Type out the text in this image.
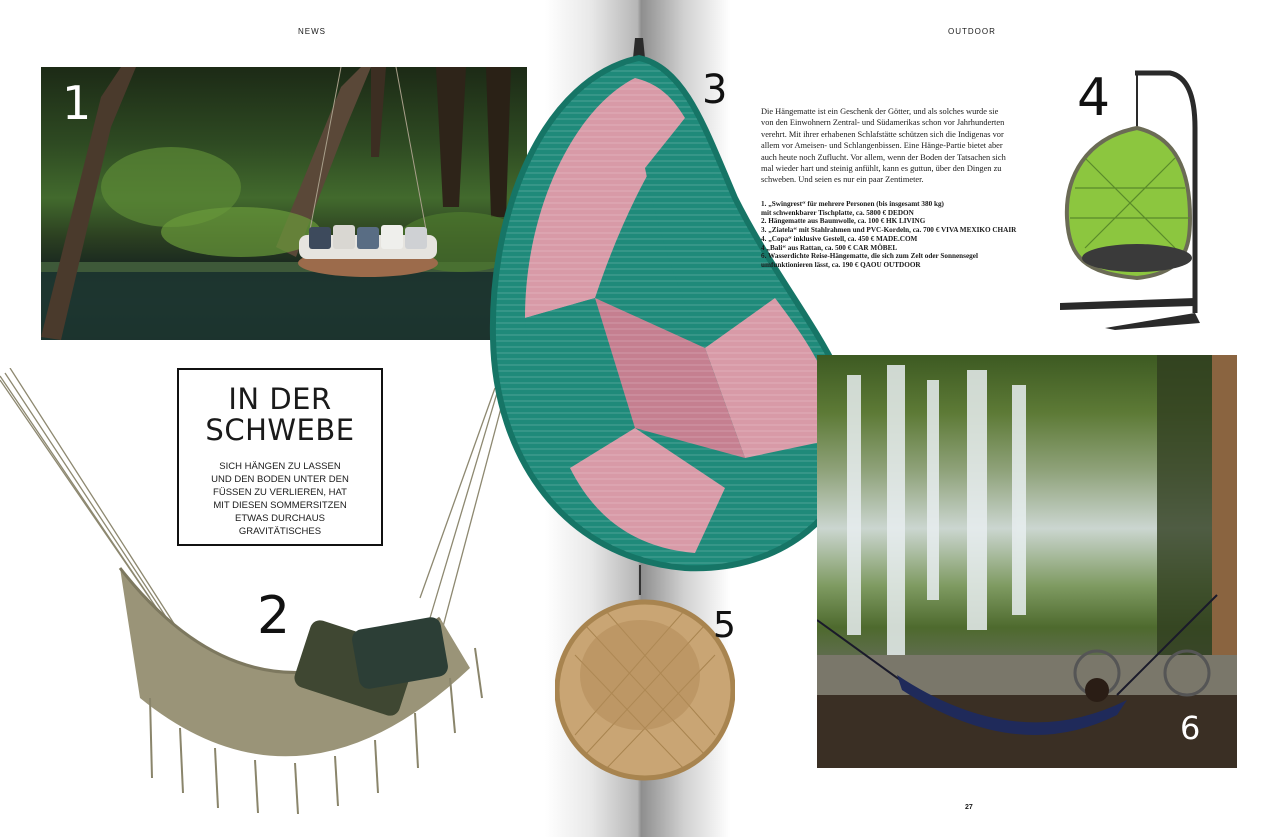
NEWS	OUTDOOR
1
2
IN DER
SCHWEBE
SICH HÄNGEN ZU LASSEN
UND DEN BODEN UNTER DEN
FÜSSEN ZU VERLIEREN, HAT
MIT DIESEN SOMMERSITZEN
ETWAS DURCHAUS
GRAVITÄTISCHES
3
5
Die Hängematte ist ein Geschenk der Götter, und als solches wurde sie
von den Einwohnern Zentral- und Südamerikas schon vor Jahrhunderten
verehrt. Mit ihrer erhabenen Schlafstätte schützen sich die Indigenas vor
allem vor Ameisen- und Schlangenbissen. Eine Hänge-Partie bietet aber
auch heute noch Zuflucht. Vor allem, wenn der Boden der Tatsachen sich
mal wieder hart und steinig anfühlt, kann es guttun, über den Dingen zu
schweben. Und seien es nur ein paar Zentimeter.
1. „Swingrest“ für mehrere Personen (bis insgesamt 380 kg)
mit schwenkbarer Tischplatte, ca. 5800 € DEDON
2. Hängematte aus Baumwolle, ca. 100 € HK LIVING
3. „Ziatela“ mit Stahlrahmen und PVC-Kordeln, ca. 700 € VIVA MEXIKO CHAIR
4. „Copa“ inklusive Gestell, ca. 450 € MADE.COM
4 „Bali“ aus Rattan, ca. 500 € CAR MÖBEL
6. Wasserdichte Reise-Hängematte, die sich zum Zelt oder Sonnensegel
umfunktionieren lässt, ca. 190 € QAOU OUTDOOR
4
6
27
